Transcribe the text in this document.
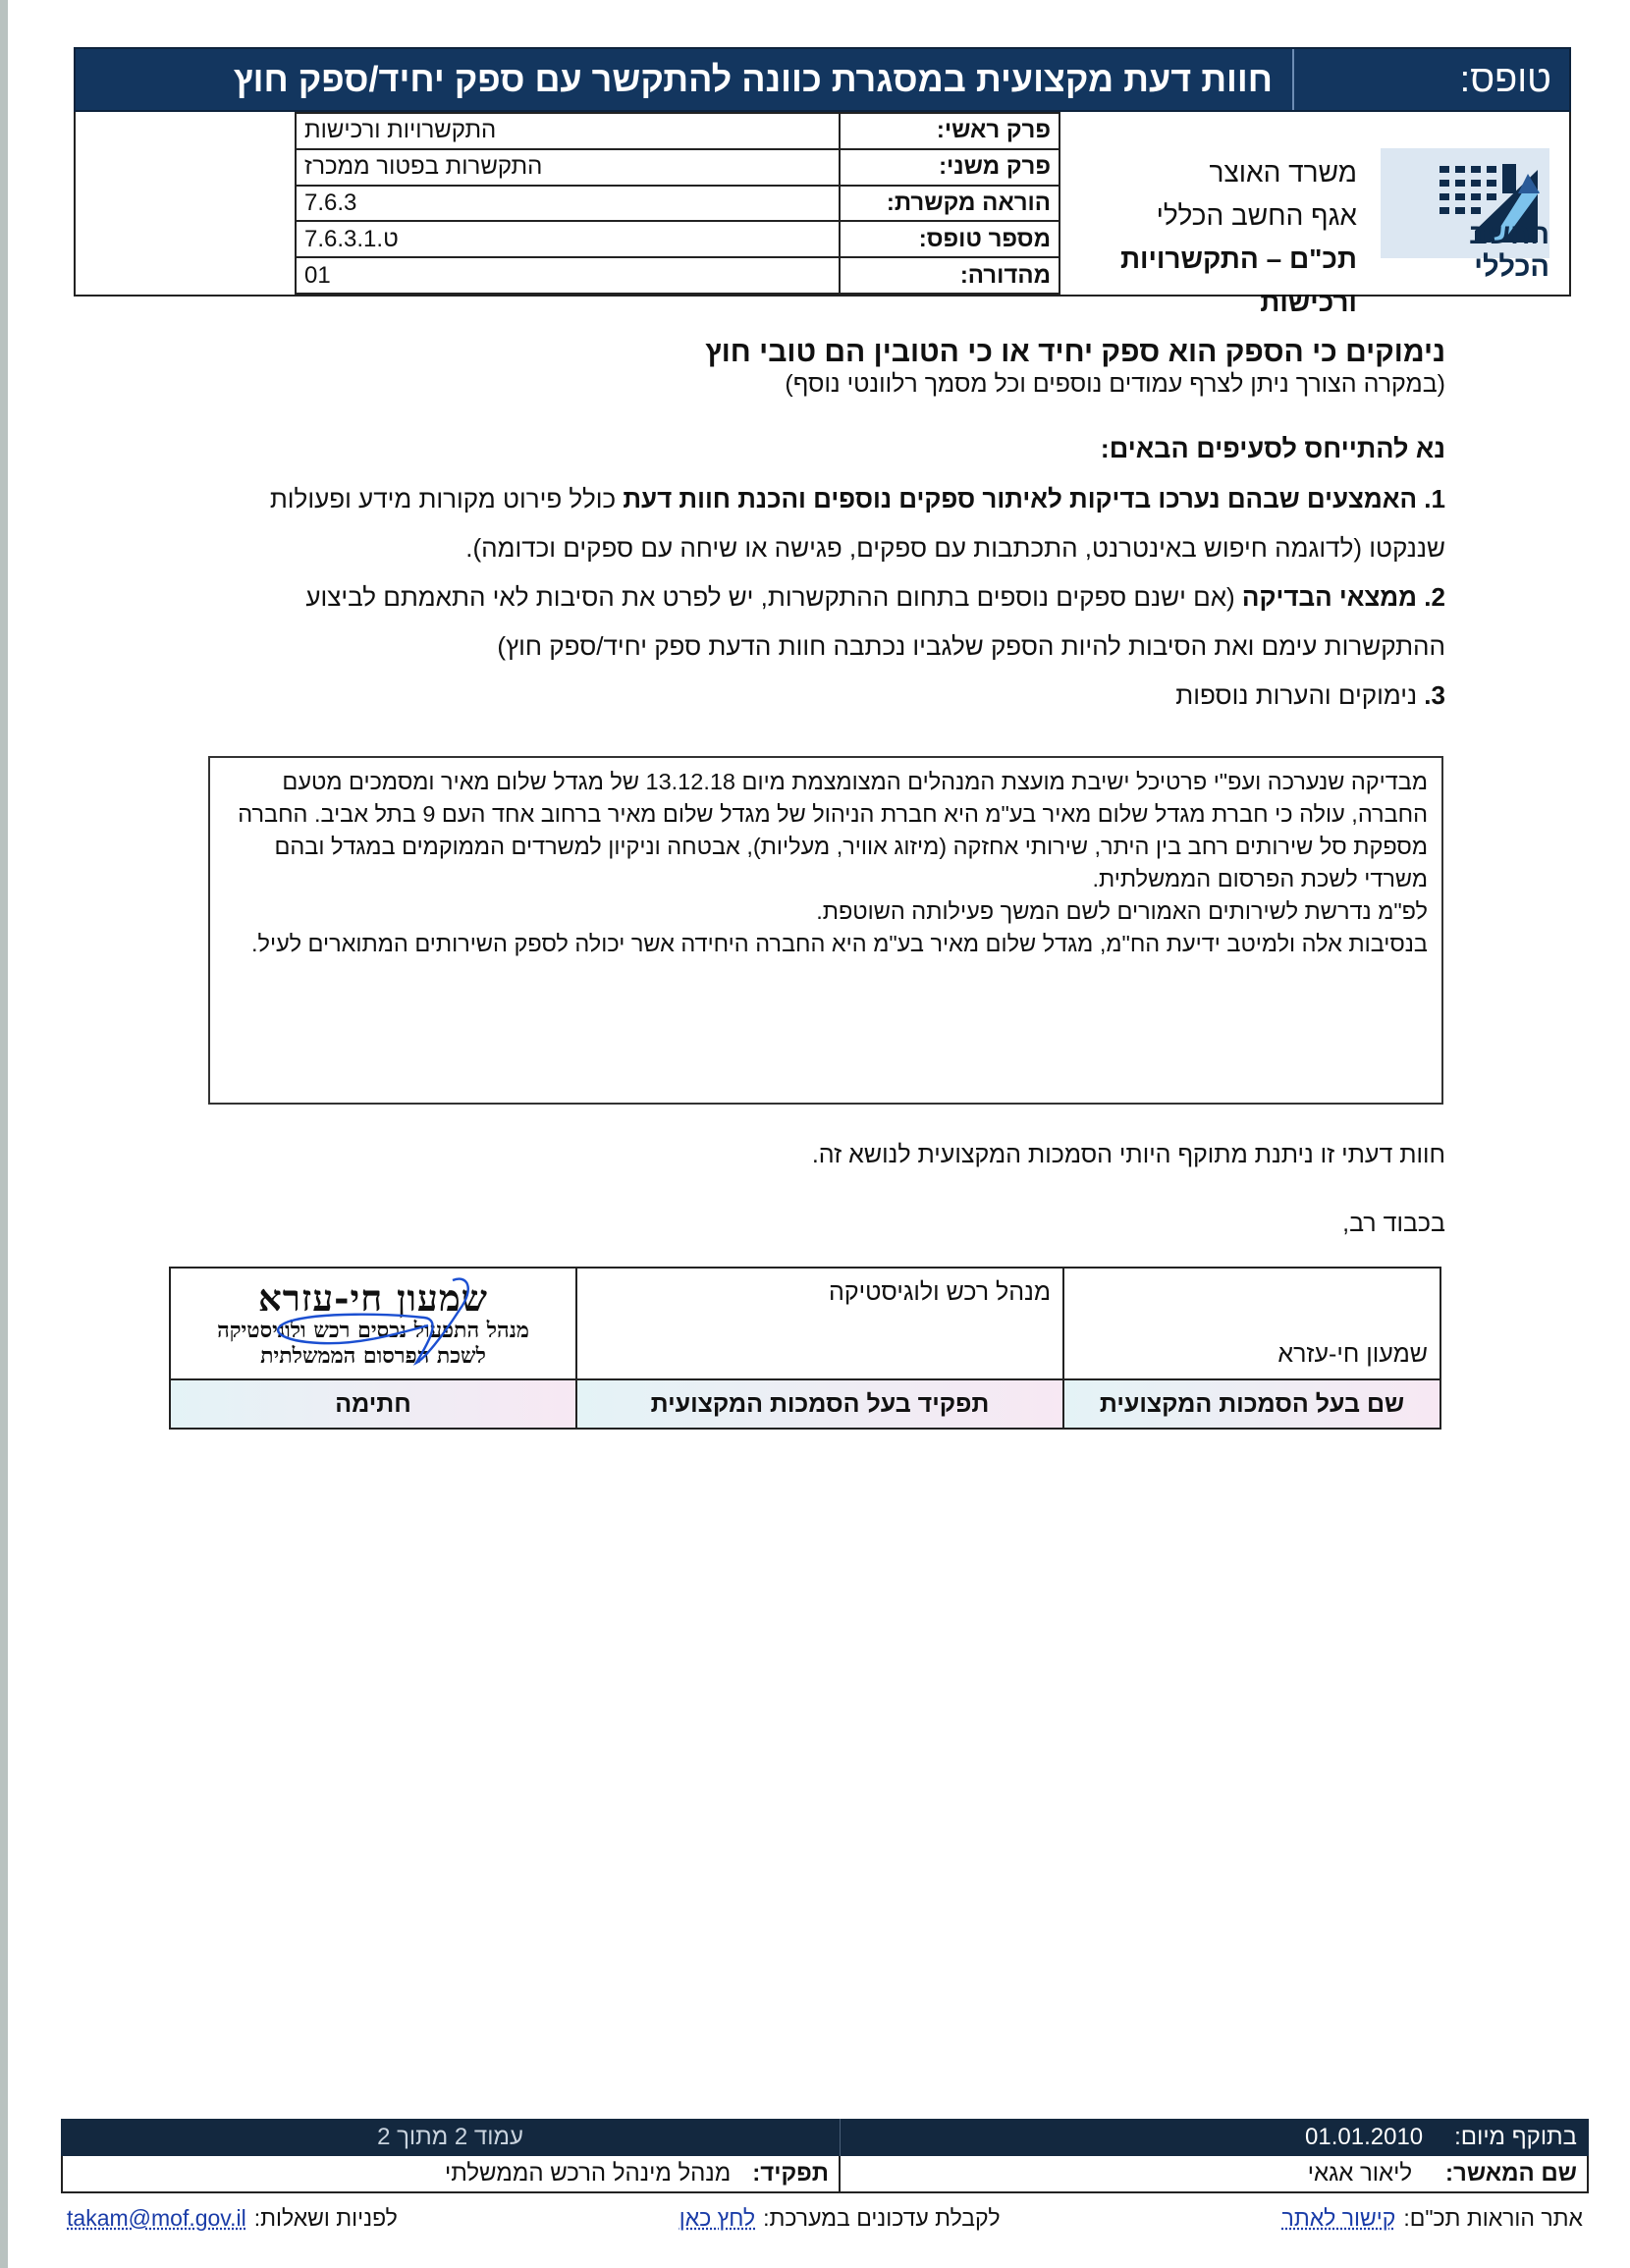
טופס:
חוות דעת מקצועית במסגרת כוונה להתקשר עם ספק יחיד/ספק חוץ
החשב הכללי
משרד האוצר
אגף החשב הכללי
תכ"ם – התקשרויות ורכישות
פרק ראשי:	התקשרויות ורכישות
פרק משני:	התקשרות בפטור ממכרז
הוראה מקשרת:	7.6.3
מספר טופס:	ט.7.6.3.1
מהדורה:	01
נימוקים כי הספק הוא ספק יחיד או כי הטובין הם טובי חוץ
(במקרה הצורך ניתן לצרף עמודים נוספים וכל מסמך רלוונטי נוסף)
נא להתייחס לסעיפים הבאים:
1. האמצעים שבהם נערכו בדיקות לאיתור ספקים נוספים והכנת חוות דעת כולל פירוט מקורות מידע ופעולות שננקטו (לדוגמה חיפוש באינטרנט, התכתבות עם ספקים, פגישה או שיחה עם ספקים וכדומה).
2. ממצאי הבדיקה (אם ישנם ספקים נוספים בתחום ההתקשרות, יש לפרט את הסיבות לאי התאמתם לביצוע ההתקשרות עימם ואת הסיבות להיות הספק שלגביו נכתבה חוות הדעת ספק יחיד/ספק חוץ)
3. נימוקים והערות נוספות

מבדיקה שנערכה ועפ"י פרטיכל ישיבת מועצת המנהלים המצומצמת מיום 13.12.18 של מגדל שלום מאיר ומסמכים מטעם החברה, עולה כי חברת מגדל שלום מאיר בע"מ היא חברת הניהול של מגדל שלום מאיר ברחוב אחד העם 9 בתל אביב. החברה מספקת סל שירותים רחב בין היתר, שירותי אחזקה (מיזוג אוויר, מעליות), אבטחה וניקיון למשרדים הממוקמים במגדל ובהם משרדי לשכת הפרסום הממשלתית.

לפ"מ נדרשת לשירותים האמורים לשם המשך פעילותה השוטפת.

בנסיבות אלה ולמיטב ידיעת הח"מ, מגדל שלום מאיר בע"מ היא החברה היחידה אשר יכולה לספק השירותים המתוארים לעיל.

חוות דעתי זו ניתנת מתוקף היותי הסמכות המקצועית לנושא זה.
בכבוד רב,
שמעון חי-עזרא	מנהל רכש ולוגיסטיקה	שמעון חי-עזרא
מנהל התפעול נכסים רכש ולוגיסטיקה
לשכת הפרסום הממשלתית

שם בעל הסמכות המקצועית	תפקיד בעל הסמכות המקצועית	חתימה
בתוקף מיום:
01.01.2010
עמוד 2 מתוך 2
שם המאשר:
ליאור אגאי
תפקיד:
מנהל מינהל הרכש הממשלתי
אתר הוראות תכ"ם:
קישור לאתר
לקבלת עדכונים במערכת:
לחץ כאן
לפניות ושאלות:
takam@mof.gov.il
